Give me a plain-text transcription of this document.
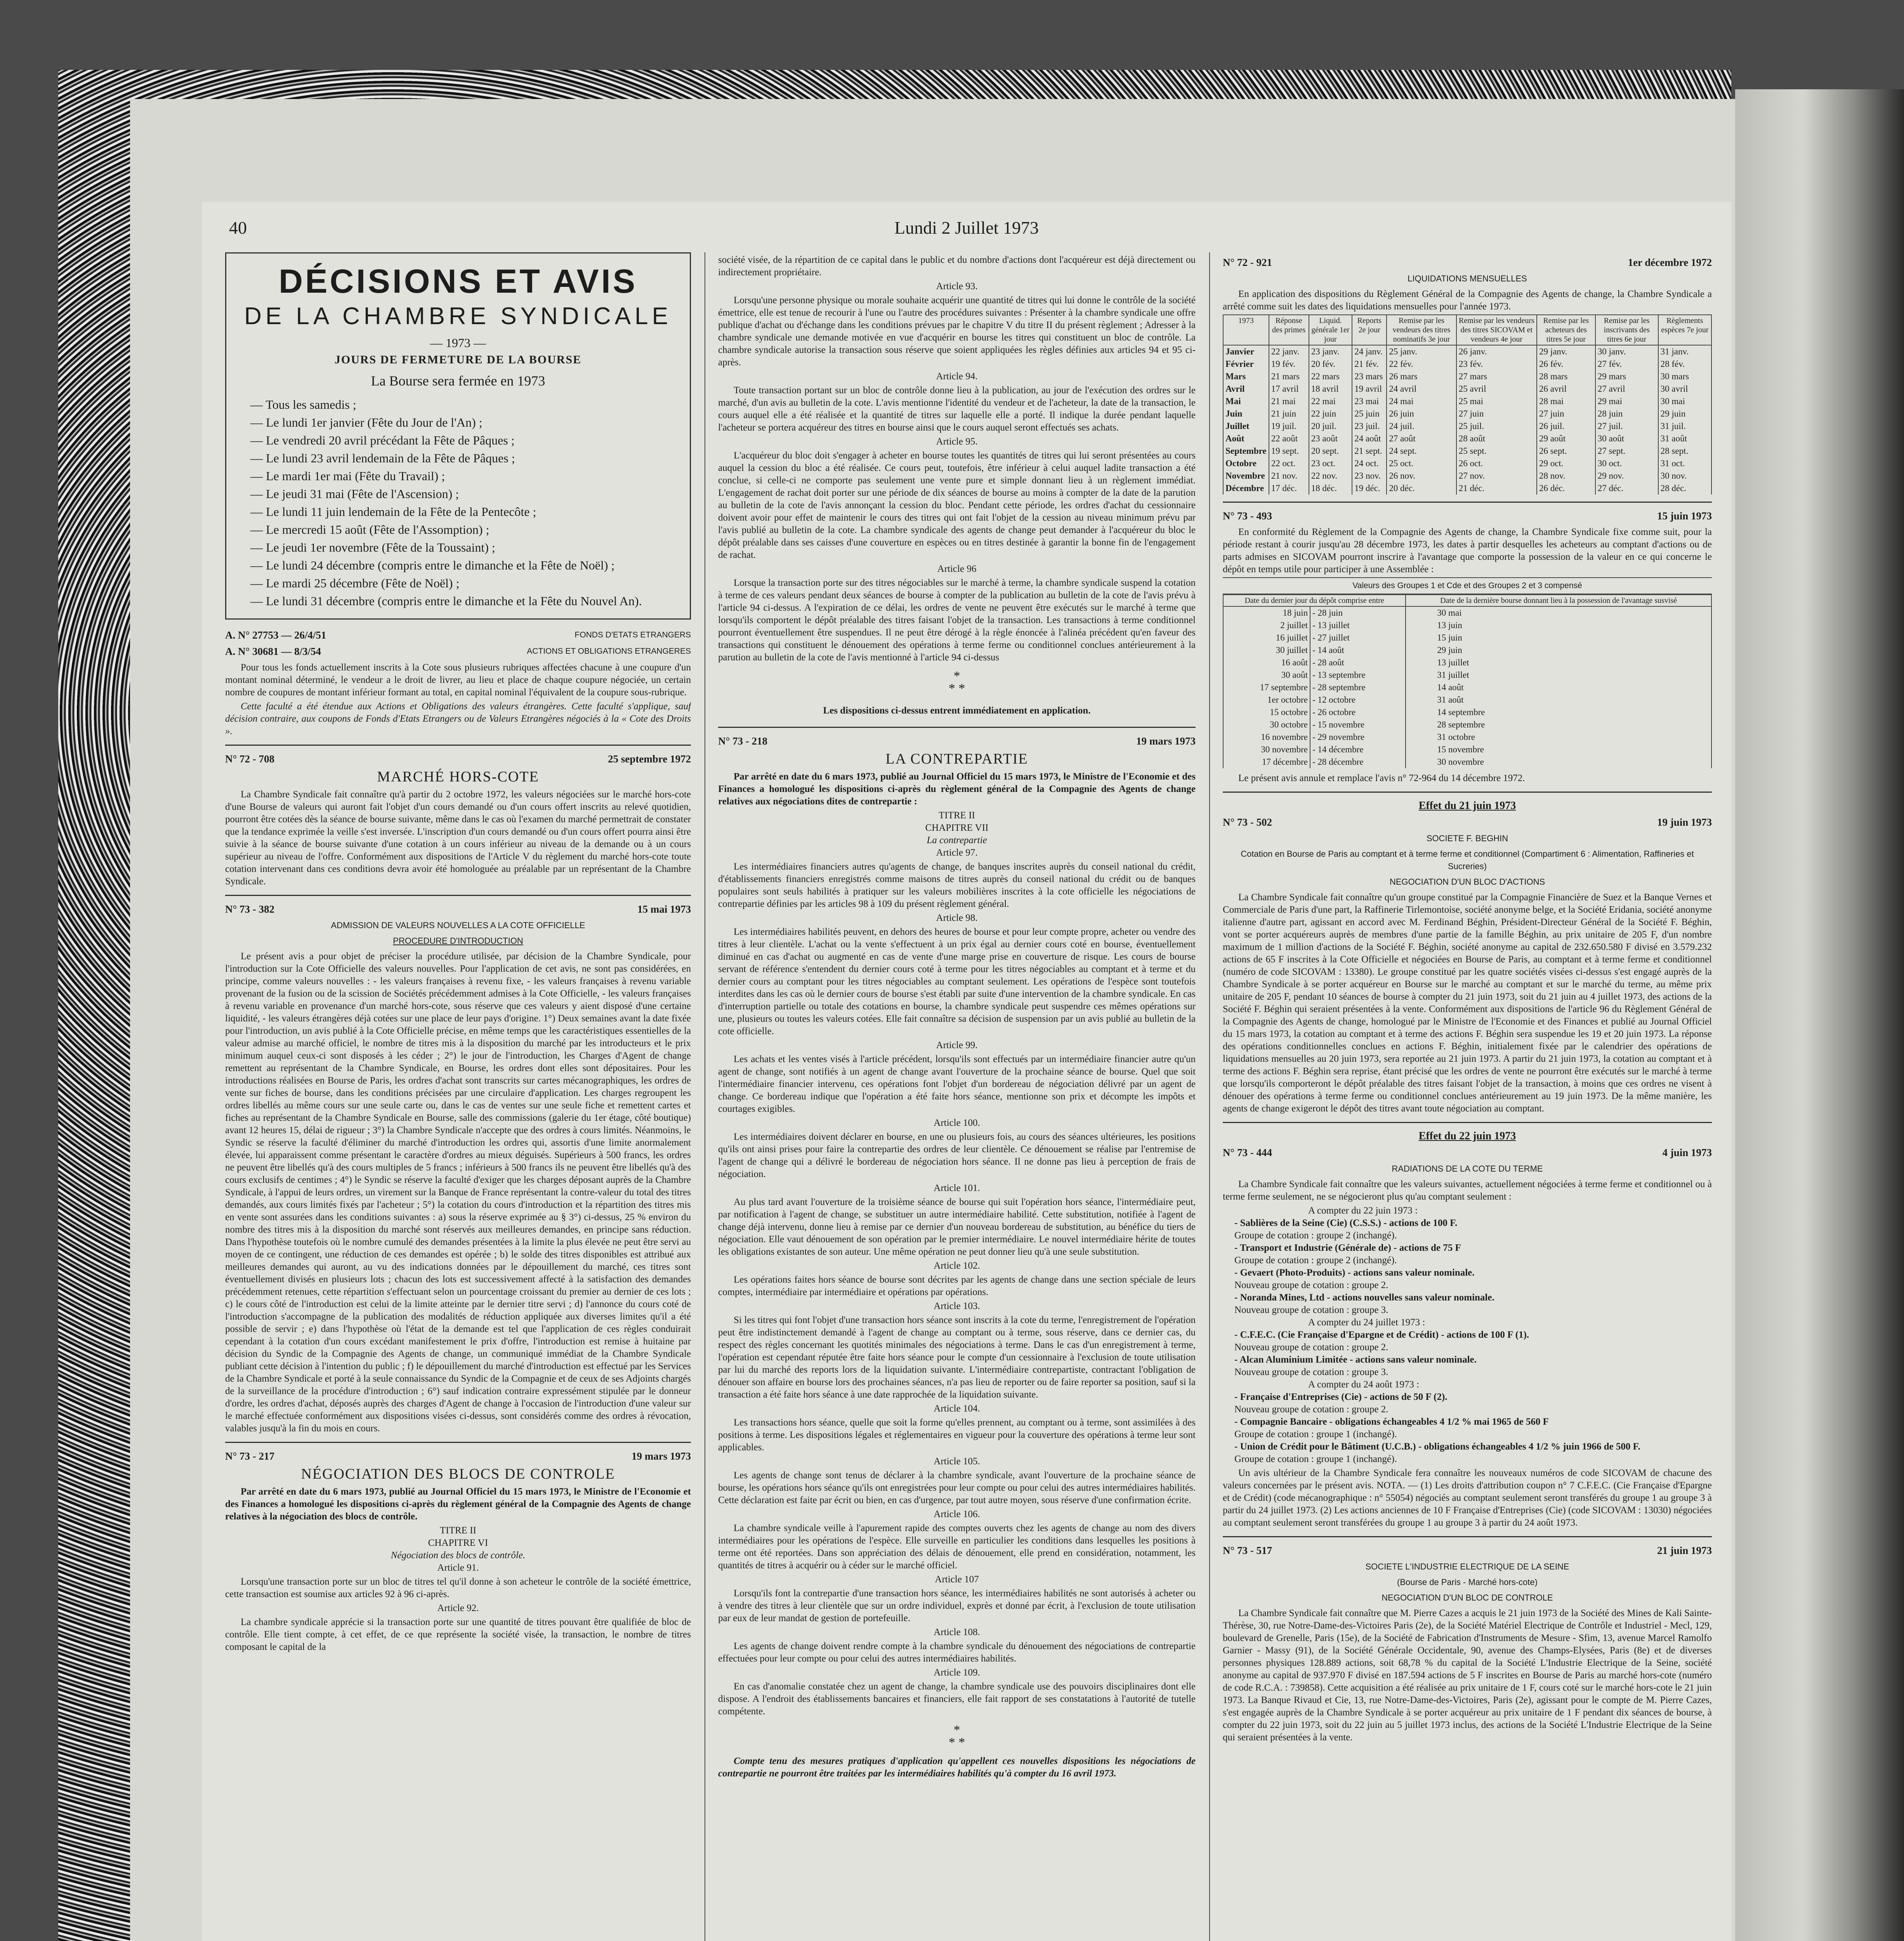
40	Lundi 2 Juillet 1973
DÉCISIONS ET AVIS
DE LA CHAMBRE SYNDICALE
— 1973 —
JOURS DE FERMETURE DE LA BOURSE
La Bourse sera fermée en 1973
— Tous les samedis ;
— Le lundi 1er janvier (Fête du Jour de l'An) ;
— Le vendredi 20 avril précédant la Fête de Pâques ;
— Le lundi 23 avril lendemain de la Fête de Pâques ;
— Le mardi 1er mai (Fête du Travail) ;
— Le jeudi 31 mai (Fête de l'Ascension) ;
— Le lundi 11 juin lendemain de la Fête de la Pentecôte ;
— Le mercredi 15 août (Fête de l'Assomption) ;
— Le jeudi 1er novembre (Fête de la Toussaint) ;
— Le lundi 24 décembre (compris entre le dimanche et la Fête de Noël) ;
— Le mardi 25 décembre (Fête de Noël) ;
— Le lundi 31 décembre (compris entre le dimanche et la Fête du Nouvel An).
A. N° 27753 — 26/4/51	FONDS D'ETATS ETRANGERS
A. N° 30681 — 8/3/54	ACTIONS ET OBLIGATIONS ETRANGERES

Pour tous les fonds actuellement inscrits à la Cote sous plusieurs rubriques affectées chacune à une coupure d'un montant nominal déterminé, le vendeur a le droit de livrer, au lieu et place de chaque coupure négociée, un certain nombre de coupures de montant inférieur formant au total, en capital nominal l'équivalent de la coupure sous-rubrique.

Cette faculté a été étendue aux Actions et Obligations des valeurs étrangères. Cette faculté s'applique, sauf décision contraire, aux coupons de Fonds d'Etats Etrangers ou de Valeurs Etrangères négociés à la « Cote des Droits ».

N° 72 - 708	25 septembre 1972
MARCHÉ HORS-COTE

La Chambre Syndicale fait connaître qu'à partir du 2 octobre 1972, les valeurs négociées sur le marché hors-cote d'une Bourse de valeurs qui auront fait l'objet d'un cours demandé ou d'un cours offert inscrits au relevé quotidien, pourront être cotées dès la séance de bourse suivante, même dans le cas où l'examen du marché permettrait de constater que la tendance exprimée la veille s'est inversée. L'inscription d'un cours demandé ou d'un cours offert pourra ainsi être suivie à la séance de bourse suivante d'une cotation à un cours inférieur au niveau de la demande ou à un cours supérieur au niveau de l'offre. Conformément aux dispositions de l'Article V du règlement du marché hors-cote toute cotation intervenant dans ces conditions devra avoir été homologuée au préalable par un représentant de la Chambre Syndicale.

N° 73 - 382	15 mai 1973
ADMISSION DE VALEURS NOUVELLES A LA COTE OFFICIELLE
PROCEDURE D'INTRODUCTION

Le présent avis a pour objet de préciser la procédure utilisée, par décision de la Chambre Syndicale, pour l'introduction sur la Cote Officielle des valeurs nouvelles. Pour l'application de cet avis, ne sont pas considérées, en principe, comme valeurs nouvelles : - les valeurs françaises à revenu fixe, - les valeurs françaises à revenu variable provenant de la fusion ou de la scission de Sociétés précédemment admises à la Cote Officielle, - les valeurs françaises à revenu variable en provenance d'un marché hors-cote, sous réserve que ces valeurs y aient disposé d'une certaine liquidité, - les valeurs étrangères déjà cotées sur une place de leur pays d'origine. 1°) Deux semaines avant la date fixée pour l'introduction, un avis publié à la Cote Officielle précise, en même temps que les caractéristiques essentielles de la valeur admise au marché officiel, le nombre de titres mis à la disposition du marché par les introducteurs et le prix minimum auquel ceux-ci sont disposés à les céder ; 2°) le jour de l'introduction, les Charges d'Agent de change remettent au représentant de la Chambre Syndicale, en Bourse, les ordres dont elles sont dépositaires. Pour les introductions réalisées en Bourse de Paris, les ordres d'achat sont transcrits sur cartes mécanographiques, les ordres de vente sur fiches de bourse, dans les conditions précisées par une circulaire d'application. Les charges regroupent les ordres libellés au même cours sur une seule carte ou, dans le cas de ventes sur une seule fiche et remettent cartes et fiches au représentant de la Chambre Syndicale en Bourse, salle des commissions (galerie du 1er étage, côté boutique) avant 12 heures 15, délai de rigueur ; 3°) la Chambre Syndicale n'accepte que des ordres à cours limités. Néanmoins, le Syndic se réserve la faculté d'éliminer du marché d'introduction les ordres qui, assortis d'une limite anormalement élevée, lui apparaissent comme présentant le caractère d'ordres au mieux déguisés. Supérieurs à 500 francs, les ordres ne peuvent être libellés qu'à des cours multiples de 5 francs ; inférieurs à 500 francs ils ne peuvent être libellés qu'à des cours exclusifs de centimes ; 4°) le Syndic se réserve la faculté d'exiger que les charges déposant auprès de la Chambre Syndicale, à l'appui de leurs ordres, un virement sur la Banque de France représentant la contre-valeur du total des titres demandés, aux cours limités fixés par l'acheteur ; 5°) la cotation du cours d'introduction et la répartition des titres mis en vente sont assurées dans les conditions suivantes : a) sous la réserve exprimée au § 3°) ci-dessus, 25 % environ du nombre des titres mis à la disposition du marché sont réservés aux meilleures demandes, en principe sans réduction. Dans l'hypothèse toutefois où le nombre cumulé des demandes présentées à la limite la plus élevée ne peut être servi au moyen de ce contingent, une réduction de ces demandes est opérée ; b) le solde des titres disponibles est attribué aux meilleures demandes qui auront, au vu des indications données par le dépouillement du marché, ces titres sont éventuellement divisés en plusieurs lots ; chacun des lots est successivement affecté à la satisfaction des demandes précédemment retenues, cette répartition s'effectuant selon un pourcentage croissant du premier au dernier de ces lots ; c) le cours côté de l'introduction est celui de la limite atteinte par le dernier titre servi ; d) l'annonce du cours coté de l'introduction s'accompagne de la publication des modalités de réduction appliquée aux diverses limites qu'il a été possible de servir ; e) dans l'hypothèse où l'état de la demande est tel que l'application de ces règles conduirait cependant à la cotation d'un cours excédant manifestement le prix d'offre, l'introduction est remise à huitaine par décision du Syndic de la Compagnie des Agents de change, un communiqué immédiat de la Chambre Syndicale publiant cette décision à l'intention du public ; f) le dépouillement du marché d'introduction est effectué par les Services de la Chambre Syndicale et porté à la seule connaissance du Syndic de la Compagnie et de ceux de ses Adjoints chargés de la surveillance de la procédure d'introduction ; 6°) sauf indication contraire expressément stipulée par le donneur d'ordre, les ordres d'achat, déposés auprès des charges d'Agent de change à l'occasion de l'introduction d'une valeur sur le marché effectuée conformément aux dispositions visées ci-dessus, sont considérés comme des ordres à révocation, valables jusqu'à la fin du mois en cours.

N° 73 - 217	19 mars 1973
NÉGOCIATION DES BLOCS DE CONTROLE

Par arrêté en date du 6 mars 1973, publié au Journal Officiel du 15 mars 1973, le Ministre de l'Economie et des Finances a homologué les dispositions ci-après du règlement général de la Compagnie des Agents de change relatives à la négociation des blocs de contrôle.

TITRE II
CHAPITRE VI
Négociation des blocs de contrôle.
Article 91.

Lorsqu'une transaction porte sur un bloc de titres tel qu'il donne à son acheteur le contrôle de la société émettrice, cette transaction est soumise aux articles 92 à 96 ci-après.

Article 92.

La chambre syndicale apprécie si la transaction porte sur une quantité de titres pouvant être qualifiée de bloc de contrôle. Elle tient compte, à cet effet, de ce que représente la société visée, la transaction, le nombre de titres composant le capital de la

société visée, de la répartition de ce capital dans le public et du nombre d'actions dont l'acquéreur est déjà directement ou indirectement propriétaire.

Article 93.

Lorsqu'une personne physique ou morale souhaite acquérir une quantité de titres qui lui donne le contrôle de la société émettrice, elle est tenue de recourir à l'une ou l'autre des procédures suivantes : Présenter à la chambre syndicale une offre publique d'achat ou d'échange dans les conditions prévues par le chapitre V du titre II du présent règlement ; Adresser à la chambre syndicale une demande motivée en vue d'acquérir en bourse les titres qui constituent un bloc de contrôle. La chambre syndicale autorise la transaction sous réserve que soient appliquées les règles définies aux articles 94 et 95 ci-après.

Article 94.

Toute transaction portant sur un bloc de contrôle donne lieu à la publication, au jour de l'exécution des ordres sur le marché, d'un avis au bulletin de la cote. L'avis mentionne l'identité du vendeur et de l'acheteur, la date de la transaction, le cours auquel elle a été réalisée et la quantité de titres sur laquelle elle a porté. Il indique la durée pendant laquelle l'acheteur se portera acquéreur des titres en bourse ainsi que le cours auquel seront effectués ses achats.

Article 95.

L'acquéreur du bloc doit s'engager à acheter en bourse toutes les quantités de titres qui lui seront présentées au cours auquel la cession du bloc a été réalisée. Ce cours peut, toutefois, être inférieur à celui auquel ladite transaction a été conclue, si celle-ci ne comporte pas seulement une vente pure et simple donnant lieu à un règlement immédiat. L'engagement de rachat doit porter sur une période de dix séances de bourse au moins à compter de la date de la parution au bulletin de la cote de l'avis annonçant la cession du bloc. Pendant cette période, les ordres d'achat du cessionnaire doivent avoir pour effet de maintenir le cours des titres qui ont fait l'objet de la cession au niveau minimum prévu par l'avis publié au bulletin de la cote. La chambre syndicale des agents de change peut demander à l'acquéreur du bloc le dépôt préalable dans ses caisses d'une couverture en espèces ou en titres destinée à garantir la bonne fin de l'engagement de rachat.

Article 96

Lorsque la transaction porte sur des titres négociables sur le marché à terme, la chambre syndicale suspend la cotation à terme de ces valeurs pendant deux séances de bourse à compter de la publication au bulletin de la cote de l'avis prévu à l'article 94 ci-dessus. A l'expiration de ce délai, les ordres de vente ne peuvent être exécutés sur le marché à terme que lorsqu'ils comportent le dépôt préalable des titres faisant l'objet de la transaction. Les transactions à terme conditionnel pourront éventuellement être suspendues. Il ne peut être dérogé à la règle énoncée à l'alinéa précédent qu'en faveur des transactions qui constituent le dénouement des opérations à terme ferme ou conditionnel conclues antérieurement à la parution au bulletin de la cote de l'avis mentionné à l'article 94 ci-dessus

*
* *

Les dispositions ci-dessus entrent immédiatement en application.

N° 73 - 218	19 mars 1973
LA CONTREPARTIE

Par arrêté en date du 6 mars 1973, publié au Journal Officiel du 15 mars 1973, le Ministre de l'Economie et des Finances a homologué les dispositions ci-après du règlement général de la Compagnie des Agents de change relatives aux négociations dites de contrepartie :

TITRE II
CHAPITRE VII
La contrepartie
Article 97.

Les intermédiaires financiers autres qu'agents de change, de banques inscrites auprès du conseil national du crédit, d'établissements financiers enregistrés comme maisons de titres auprès du conseil national du crédit ou de banques populaires sont seuls habilités à pratiquer sur les valeurs mobilières inscrites à la cote officielle les négociations de contrepartie définies par les articles 98 à 109 du présent règlement général.

Article 98.

Les intermédiaires habilités peuvent, en dehors des heures de bourse et pour leur compte propre, acheter ou vendre des titres à leur clientèle. L'achat ou la vente s'effectuent à un prix égal au dernier cours coté en bourse, éventuellement diminué en cas d'achat ou augmenté en cas de vente d'une marge prise en couverture de risque. Les cours de bourse servant de référence s'entendent du dernier cours coté à terme pour les titres négociables au comptant et à terme et du dernier cours au comptant pour les titres négociables au comptant seulement. Les opérations de l'espèce sont toutefois interdites dans les cas où le dernier cours de bourse s'est établi par suite d'une intervention de la chambre syndicale. En cas d'interruption partielle ou totale des cotations en bourse, la chambre syndicale peut suspendre ces mêmes opérations sur une, plusieurs ou toutes les valeurs cotées. Elle fait connaître sa décision de suspension par un avis publié au bulletin de la cote officielle.

Article 99.

Les achats et les ventes visés à l'article précédent, lorsqu'ils sont effectués par un intermédiaire financier autre qu'un agent de change, sont notifiés à un agent de change avant l'ouverture de la prochaine séance de bourse. Quel que soit l'intermédiaire financier intervenu, ces opérations font l'objet d'un bordereau de négociation délivré par un agent de change. Ce bordereau indique que l'opération a été faite hors séance, mentionne son prix et décompte les impôts et courtages exigibles.

Article 100.

Les intermédiaires doivent déclarer en bourse, en une ou plusieurs fois, au cours des séances ultérieures, les positions qu'ils ont ainsi prises pour faire la contrepartie des ordres de leur clientèle. Ce dénouement se réalise par l'entremise de l'agent de change qui a délivré le bordereau de négociation hors séance. Il ne donne pas lieu à perception de frais de négociation.

Article 101.

Au plus tard avant l'ouverture de la troisième séance de bourse qui suit l'opération hors séance, l'intermédiaire peut, par notification à l'agent de change, se substituer un autre intermédiaire habilité. Cette substitution, notifiée à l'agent de change déjà intervenu, donne lieu à remise par ce dernier d'un nouveau bordereau de substitution, au bénéfice du tiers de négociation. Elle vaut dénouement de son opération par le premier intermédiaire. Le nouvel intermédiaire hérite de toutes les obligations existantes de son auteur. Une même opération ne peut donner lieu qu'à une seule substitution.

Article 102.

Les opérations faites hors séance de bourse sont décrites par les agents de change dans une section spéciale de leurs comptes, intermédiaire par intermédiaire et opérations par opérations.

Article 103.

Si les titres qui font l'objet d'une transaction hors séance sont inscrits à la cote du terme, l'enregistrement de l'opération peut être indistinctement demandé à l'agent de change au comptant ou à terme, sous réserve, dans ce dernier cas, du respect des règles concernant les quotités minimales des négociations à terme. Dans le cas d'un enregistrement à terme, l'opération est cependant réputée être faite hors séance pour le compte d'un cessionnaire à l'exclusion de toute utilisation par lui du marché des reports lors de la liquidation suivante. L'intermédiaire contrepartiste, contractant l'obligation de dénouer son affaire en bourse lors des prochaines séances, n'a pas lieu de reporter ou de faire reporter sa position, sauf si la transaction a été faite hors séance à une date rapprochée de la liquidation suivante.

Article 104.

Les transactions hors séance, quelle que soit la forme qu'elles prennent, au comptant ou à terme, sont assimilées à des positions à terme. Les dispositions légales et réglementaires en vigueur pour la couverture des opérations à terme leur sont applicables.

Article 105.

Les agents de change sont tenus de déclarer à la chambre syndicale, avant l'ouverture de la prochaine séance de bourse, les opérations hors séance qu'ils ont enregistrées pour leur compte ou pour celui des autres intermédiaires habilités. Cette déclaration est faite par écrit ou bien, en cas d'urgence, par tout autre moyen, sous réserve d'une confirmation écrite.

Article 106.

La chambre syndicale veille à l'apurement rapide des comptes ouverts chez les agents de change au nom des divers intermédiaires pour les opérations de l'espèce. Elle surveille en particulier les conditions dans lesquelles les positions à terme ont été reportées. Dans son appréciation des délais de dénouement, elle prend en considération, notamment, les quantités de titres à acquérir ou à céder sur le marché officiel.

Article 107

Lorsqu'ils font la contrepartie d'une transaction hors séance, les intermédiaires habilités ne sont autorisés à acheter ou à vendre des titres à leur clientèle que sur un ordre individuel, exprès et donné par écrit, à l'exclusion de toute utilisation par eux de leur mandat de gestion de portefeuille.

Article 108.

Les agents de change doivent rendre compte à la chambre syndicale du dénouement des négociations de contrepartie effectuées pour leur compte ou pour celui des autres intermédiaires habilités.

Article 109.

En cas d'anomalie constatée chez un agent de change, la chambre syndicale use des pouvoirs disciplinaires dont elle dispose. A l'endroit des établissements bancaires et financiers, elle fait rapport de ses constatations à l'autorité de tutelle compétente.

*
* *

Compte tenu des mesures pratiques d'application qu'appellent ces nouvelles dispositions les négociations de contrepartie ne pourront être traitées par les intermédiaires habilités qu'à compter du 16 avril 1973.

N° 72 - 921	1er décembre 1972
LIQUIDATIONS MENSUELLES

En application des dispositions du Règlement Général de la Compagnie des Agents de change, la Chambre Syndicale a arrêté comme suit les dates des liquidations mensuelles pour l'année 1973.

1973	Réponse des primes	Liquid. générale 1er jour	Reports 2e jour	Remise par les vendeurs des titres nominatifs 3e jour	Remise par les vendeurs des titres SICOVAM et vendeurs 4e jour	Remise par les acheteurs des titres 5e jour	Remise par les inscrivants des titres 6e jour	Règlements espèces 7e jour
Janvier	22 janv.	23 janv.	24 janv.	25 janv.	26 janv.	29 janv.	30 janv.	31 janv.
Février	19 fév.	20 fév.	21 fév.	22 fév.	23 fév.	26 fév.	27 fév.	28 fév.
Mars	21 mars	22 mars	23 mars	26 mars	27 mars	28 mars	29 mars	30 mars
Avril	17 avril	18 avril	19 avril	24 avril	25 avril	26 avril	27 avril	30 avril
Mai	21 mai	22 mai	23 mai	24 mai	25 mai	28 mai	29 mai	30 mai
Juin	21 juin	22 juin	25 juin	26 juin	27 juin	27 juin	28 juin	29 juin
Juillet	19 juil.	20 juil.	23 juil.	24 juil.	25 juil.	26 juil.	27 juil.	31 juil.
Août	22 août	23 août	24 août	27 août	28 août	29 août	30 août	31 août
Septembre	19 sept.	20 sept.	21 sept.	24 sept.	25 sept.	26 sept.	27 sept.	28 sept.
Octobre	22 oct.	23 oct.	24 oct.	25 oct.	26 oct.	29 oct.	30 oct.	31 oct.
Novembre	21 nov.	22 nov.	23 nov.	26 nov.	27 nov.	28 nov.	29 nov.	30 nov.
Décembre	17 déc.	18 déc.	19 déc.	20 déc.	21 déc.	26 déc.	27 déc.	28 déc.
N° 73 - 493	15 juin 1973

En conformité du Règlement de la Compagnie des Agents de change, la Chambre Syndicale fixe comme suit, pour la période restant à courir jusqu'au 28 décembre 1973, les dates à partir desquelles les acheteurs au comptant d'actions ou de parts admises en SICOVAM pourront inscrire à l'avantage que comporte la possession de la valeur en ce qui concerne le dépôt en temps utile pour participer à une Assemblée :

Valeurs des Groupes 1 et Cde et des Groupes 2 et 3 compensé
Date du dernier jour du dépôt comprise entre		Date de la dernière bourse donnant lieu à la possession de l'avantage susvisé
18 juin	- 28 juin	30 mai
2 juillet	- 13 juillet	13 juin
16 juillet	- 27 juillet	15 juin
30 juillet	- 14 août	29 juin
16 août	- 28 août	13 juillet
30 août	- 13 septembre	31 juillet
17 septembre	- 28 septembre	14 août
1er octobre	- 12 octobre	31 août
15 octobre	- 26 octobre	14 septembre
30 octobre	- 15 novembre	28 septembre
16 novembre	- 29 novembre	31 octobre
30 novembre	- 14 décembre	15 novembre
17 décembre	- 28 décembre	30 novembre

Le présent avis annule et remplace l'avis n° 72-964 du 14 décembre 1972.

Effet du 21 juin 1973
N° 73 - 502	19 juin 1973
SOCIETE F. BEGHIN
Cotation en Bourse de Paris au comptant et à terme ferme et conditionnel (Compartiment 6 : Alimentation, Raffineries et Sucreries)
NEGOCIATION D'UN BLOC D'ACTIONS

La Chambre Syndicale fait connaître qu'un groupe constitué par la Compagnie Financière de Suez et la Banque Vernes et Commerciale de Paris d'une part, la Raffinerie Tirlemontoise, société anonyme belge, et la Société Eridania, société anonyme italienne d'autre part, agissant en accord avec M. Ferdinand Béghin, Président-Directeur Général de la Société F. Béghin, vont se porter acquéreurs auprès de membres d'une partie de la famille Béghin, au prix unitaire de 205 F, d'un nombre maximum de 1 million d'actions de la Société F. Béghin, société anonyme au capital de 232.650.580 F divisé en 3.579.232 actions de 65 F inscrites à la Cote Officielle et négociées en Bourse de Paris, au comptant et à terme ferme et conditionnel (numéro de code SICOVAM : 13380). Le groupe constitué par les quatre sociétés visées ci-dessus s'est engagé auprès de la Chambre Syndicale à se porter acquéreur en Bourse sur le marché au comptant et sur le marché du terme, au même prix unitaire de 205 F, pendant 10 séances de bourse à compter du 21 juin 1973, soit du 21 juin au 4 juillet 1973, des actions de la Société F. Béghin qui seraient présentées à la vente. Conformément aux dispositions de l'article 96 du Règlement Général de la Compagnie des Agents de change, homologué par le Ministre de l'Economie et des Finances et publié au Journal Officiel du 15 mars 1973, la cotation au comptant et à terme des actions F. Béghin sera suspendue les 19 et 20 juin 1973. La réponse des opérations conditionnelles conclues en actions F. Béghin, initialement fixée par le calendrier des opérations de liquidations mensuelles au 20 juin 1973, sera reportée au 21 juin 1973. A partir du 21 juin 1973, la cotation au comptant et à terme des actions F. Béghin sera reprise, étant précisé que les ordres de vente ne pourront être exécutés sur le marché à terme que lorsqu'ils comporteront le dépôt préalable des titres faisant l'objet de la transaction, à moins que ces ordres ne visent à dénouer des opérations à terme ferme ou conditionnel conclues antérieurement au 19 juin 1973. De la même manière, les agents de change exigeront le dépôt des titres avant toute négociation au comptant.

Effet du 22 juin 1973
N° 73 - 444	4 juin 1973
RADIATIONS DE LA COTE DU TERME

La Chambre Syndicale fait connaître que les valeurs suivantes, actuellement négociées à terme ferme et conditionnel ou à terme ferme seulement, ne se négocieront plus qu'au comptant seulement :

A compter du 22 juin 1973 :
- Sablières de la Seine (Cie) (C.S.S.) - actions de 100 F.
Groupe de cotation : groupe 2 (inchangé).
- Transport et Industrie (Générale de) - actions de 75 F
Groupe de cotation : groupe 2 (inchangé).
- Gevaert (Photo-Produits) - actions sans valeur nominale.
Nouveau groupe de cotation : groupe 2.
- Noranda Mines, Ltd - actions nouvelles sans valeur nominale.
Nouveau groupe de cotation : groupe 3.
A compter du 24 juillet 1973 :
- C.F.E.C. (Cie Française d'Epargne et de Crédit) - actions de 100 F (1).
Nouveau groupe de cotation : groupe 2.
- Alcan Aluminium Limitée - actions sans valeur nominale.
Nouveau groupe de cotation : groupe 3.
A compter du 24 août 1973 :
- Française d'Entreprises (Cie) - actions de 50 F (2).
Nouveau groupe de cotation : groupe 2.
- Compagnie Bancaire - obligations échangeables 4 1/2 % mai 1965 de 560 F
Groupe de cotation : groupe 1 (inchangé).
- Union de Crédit pour le Bâtiment (U.C.B.) - obligations échangeables 4 1/2 % juin 1966 de 500 F.
Groupe de cotation : groupe 1 (inchangé).

Un avis ultérieur de la Chambre Syndicale fera connaître les nouveaux numéros de code SICOVAM de chacune des valeurs concernées par le présent avis. NOTA. — (1) Les droits d'attribution coupon n° 7 C.F.E.C. (Cie Française d'Epargne et de Crédit) (code mécanographique : n° 55054) négociés au comptant seulement seront transférés du groupe 1 au groupe 3 à partir du 24 juillet 1973. (2) Les actions anciennes de 10 F Française d'Entreprises (Cie) (code SICOVAM : 13030) négociées au comptant seulement seront transférées du groupe 1 au groupe 3 à partir du 24 août 1973.

N° 73 - 517	21 juin 1973
SOCIETE L'INDUSTRIE ELECTRIQUE DE LA SEINE
(Bourse de Paris - Marché hors-cote)
NEGOCIATION D'UN BLOC DE CONTROLE

La Chambre Syndicale fait connaître que M. Pierre Cazes a acquis le 21 juin 1973 de la Société des Mines de Kali Sainte-Thérèse, 30, rue Notre-Dame-des-Victoires Paris (2e), de la Société Matériel Electrique de Contrôle et Industriel - Mecl, 129, boulevard de Grenelle, Paris (15e), de la Société de Fabrication d'Instruments de Mesure - Sfim, 13, avenue Marcel Ramolfo Garnier - Massy (91), de la Société Générale Occidentale, 90, avenue des Champs-Elysées, Paris (8e) et de diverses personnes physiques 128.889 actions, soit 68,78 % du capital de la Société L'Industrie Electrique de la Seine, société anonyme au capital de 937.970 F divisé en 187.594 actions de 5 F inscrites en Bourse de Paris au marché hors-cote (numéro de code R.C.A. : 739858). Cette acquisition a été réalisée au prix unitaire de 1 F, cours coté sur le marché hors-cote le 21 juin 1973. La Banque Rivaud et Cie, 13, rue Notre-Dame-des-Victoires, Paris (2e), agissant pour le compte de M. Pierre Cazes, s'est engagée auprès de la Chambre Syndicale à se porter acquéreur au prix unitaire de 1 F pendant dix séances de bourse, à compter du 22 juin 1973, soit du 22 juin au 5 juillet 1973 inclus, des actions de la Société L'Industrie Electrique de la Seine qui seraient présentées à la vente.
